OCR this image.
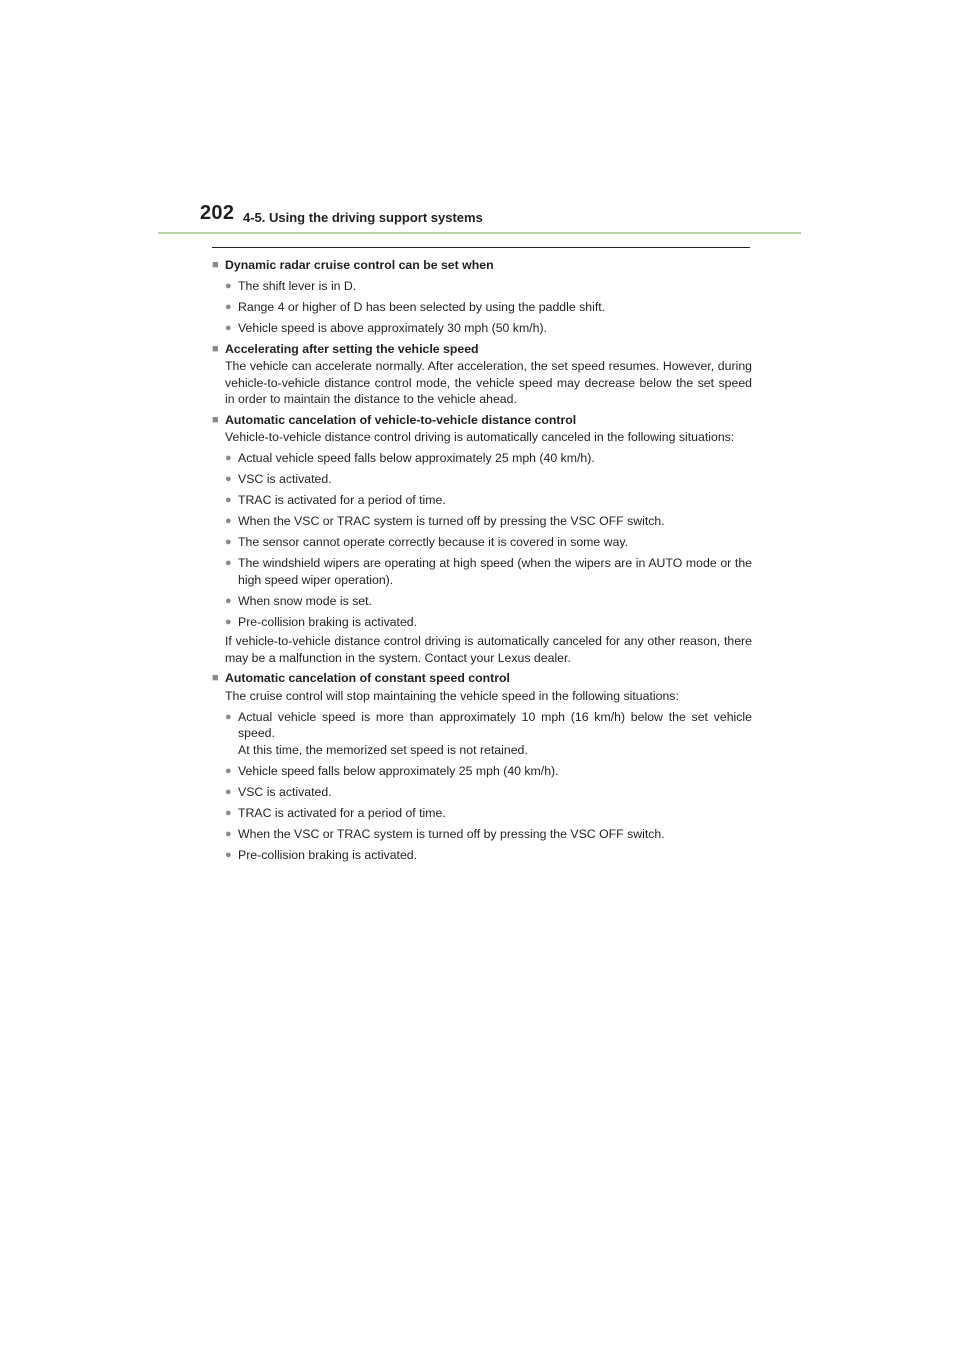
202 4-5. Using the driving support systems
■ Dynamic radar cruise control can be set when
● The shift lever is in D.
● Range 4 or higher of D has been selected by using the paddle shift.
● Vehicle speed is above approximately 30 mph (50 km/h).
■ Accelerating after setting the vehicle speed

The vehicle can accelerate normally. After acceleration, the set speed resumes. However, during vehicle-to-vehicle distance control mode, the vehicle speed may decrease below the set speed in order to maintain the distance to the vehicle ahead.

■ Automatic cancelation of vehicle-to-vehicle distance control

Vehicle-to-vehicle distance control driving is automatically canceled in the following situations:

● Actual vehicle speed falls below approximately 25 mph (40 km/h).
● VSC is activated.
● TRAC is activated for a period of time.
● When the VSC or TRAC system is turned off by pressing the VSC OFF switch.
● The sensor cannot operate correctly because it is covered in some way.
● The windshield wipers are operating at high speed (when the wipers are in AUTO mode or the high speed wiper operation).
● When snow mode is set.
● Pre-collision braking is activated.

If vehicle-to-vehicle distance control driving is automatically canceled for any other reason, there may be a malfunction in the system. Contact your Lexus dealer.

■ Automatic cancelation of constant speed control

The cruise control will stop maintaining the vehicle speed in the following situations:

● Actual vehicle speed is more than approximately 10 mph (16 km/h) below the set vehicle speed.
At this time, the memorized set speed is not retained.
● Vehicle speed falls below approximately 25 mph (40 km/h).
● VSC is activated.
● TRAC is activated for a period of time.
● When the VSC or TRAC system is turned off by pressing the VSC OFF switch.
● Pre-collision braking is activated.
